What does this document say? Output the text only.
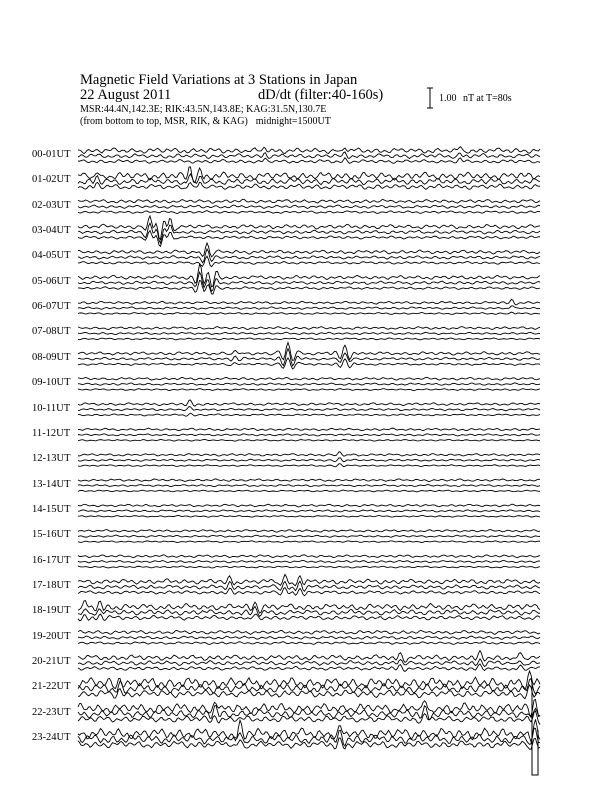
Magnetic Field Variations at 3 Stations in Japan
22 August 2011	dD/dt (filter:40-160s)
MSR:44.4N,142.3E; RIK:43.5N,143.8E; KAG:31.5N,130.7E
(from bottom to top, MSR, RIK, & KAG) midnight=1500UT
1.00 nT at T=80s
00-01UT
01-02UT
02-03UT
03-04UT
04-05UT
05-06UT
06-07UT
07-08UT
08-09UT
09-10UT
10-11UT
11-12UT
12-13UT
13-14UT
14-15UT
15-16UT
16-17UT
17-18UT
18-19UT
19-20UT
20-21UT
21-22UT
22-23UT
23-24UT
